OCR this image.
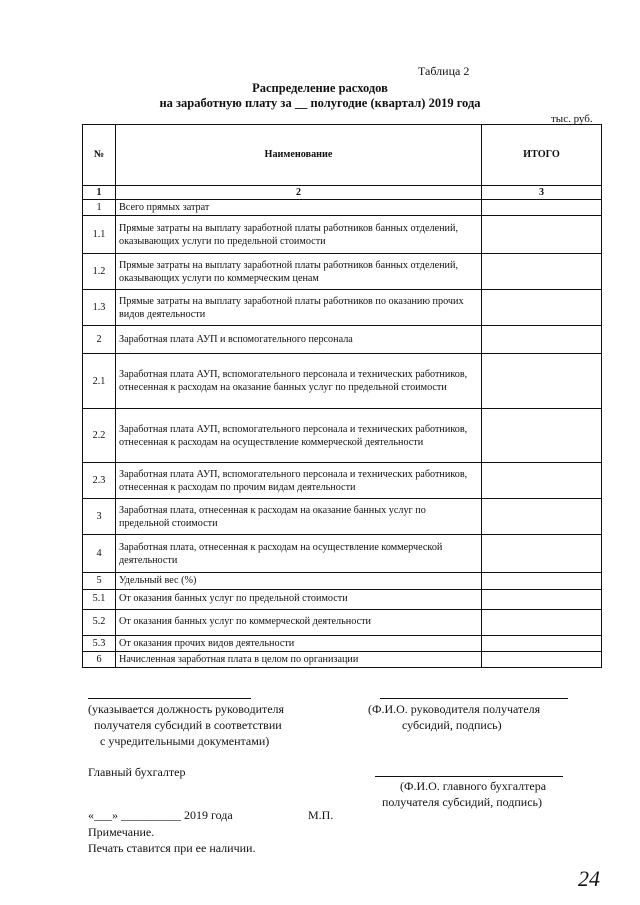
Таблица 2
Распределение расходов
на заработную плату за __ полугодие (квартал) 2019 года
тыс. руб.
№	Наименование	ИТОГО
1	2	3
1	Всего прямых затрат	
1.1	Прямые затраты на выплату заработной платы работников банных отделений, оказывающих услуги по предельной стоимости	
1.2	Прямые затраты на выплату заработной платы работников банных отделений, оказывающих услуги по коммерческим ценам	
1.3	Прямые затраты на выплату заработной платы работников по оказанию прочих видов деятельности	
2	Заработная плата АУП и вспомогательного персонала	
2.1	Заработная плата АУП, вспомогательного персонала и технических работников, отнесенная к расходам на оказание банных услуг по предельной стоимости	
2.2	Заработная плата АУП, вспомогательного персонала и технических работников, отнесенная к расходам на осуществление коммерческой деятельности	
2.3	Заработная плата АУП, вспомогательного персонала и технических работников, отнесенная к расходам по прочим видам деятельности	
3	Заработная плата, отнесенная к расходам на оказание банных услуг по предельной стоимости	
4	Заработная плата, отнесенная к расходам на осуществление коммерческой деятельности	
5	Удельный вес (%)	
5.1	От оказания банных услуг по предельной стоимости	
5.2	От оказания банных услуг по коммерческой деятельности	
5.3	От оказания прочих видов деятельности	
6	Начисленная заработная плата в целом по организации	
(указывается должность руководителя
получателя субсидий в соответствии
с учредительными документами)
(Ф.И.О. руководителя получателя
субсидий, подпись)
Главный бухгалтер
(Ф.И.О. главного бухгалтера
получателя субсидий, подпись)
«___» __________ 2019 года	М.П.
Примечание.
Печать ставится при ее наличии.
24
